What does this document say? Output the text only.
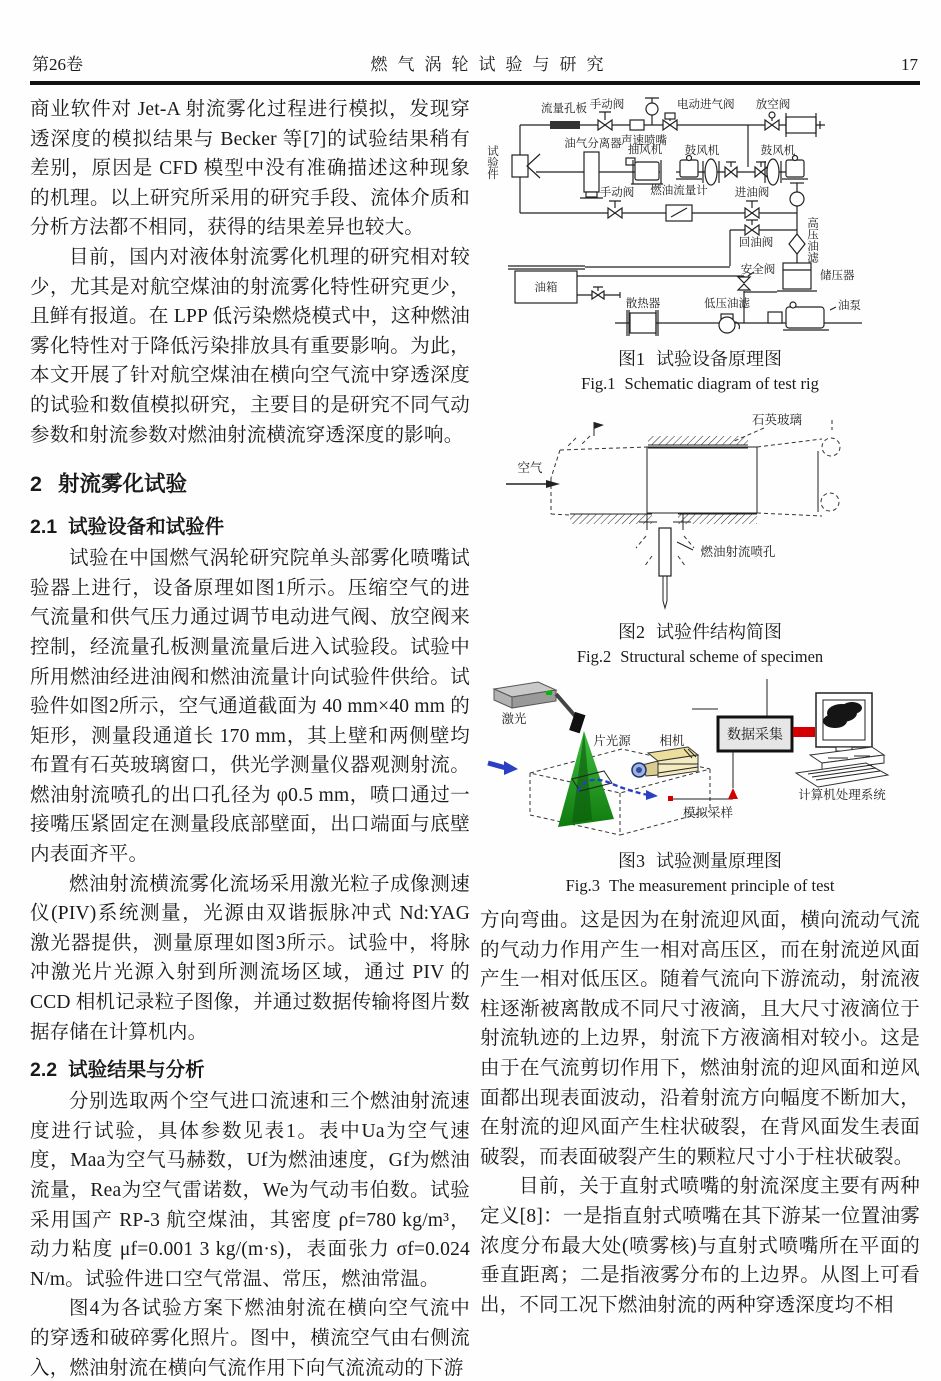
第26卷	燃气涡轮试验与研究	17

商业软件对 Jet-A 射流雾化过程进行模拟，发现穿透深度的模拟结果与 Becker 等[7]的试验结果稍有差别，原因是 CFD 模型中没有准确描述这种现象的机理。以上研究所采用的研究手段、流体介质和分析方法都不相同，获得的结果差异也较大。

目前，国内对液体射流雾化机理的研究相对较少，尤其是对航空煤油的射流雾化特性研究更少，且鲜有报道。在 LPP 低污染燃烧模式中，这种燃油雾化特性对于降低污染排放具有重要影响。为此，本文开展了针对航空煤油在横向空气流中穿透深度的试验和数值模拟研究，主要目的是研究不同气动参数和射流参数对燃油射流横流穿透深度的影响。

2 射流雾化试验
2.1 试验设备和试验件

试验在中国燃气涡轮研究院单头部雾化喷嘴试验器上进行，设备原理如图1所示。压缩空气的进气流量和供气压力通过调节电动进气阀、放空阀来控制，经流量孔板测量流量后进入试验段。试验中所用燃油经进油阀和燃油流量计向试验件供给。试验件如图2所示，空气通道截面为 40 mm×40 mm 的矩形，测量段通道长 170 mm，其上壁和两侧壁均布置有石英玻璃窗口，供光学测量仪器观测射流。燃油射流喷孔的出口孔径为 φ0.5 mm，喷口通过一接嘴压紧固定在测量段底部壁面，出口端面与底壁内表面齐平。

燃油射流横流雾化流场采用激光粒子成像测速仪(PIV)系统测量，光源由双谐振脉冲式 Nd:YAG 激光器提供，测量原理如图3所示。试验中，将脉冲激光片光源入射到所测流场区域，通过 PIV 的 CCD 相机记录粒子图像，并通过数据传输将图片数据存储在计算机内。

2.2 试验结果与分析

分别选取两个空气进口流速和三个燃油射流速度进行试验，具体参数见表1。表中Ua为空气速度，Maa为空气马赫数，Uf为燃油速度，Gf为燃油流量，Rea为空气雷诺数，We为气动韦伯数。试验采用国产 RP-3 航空煤油，其密度 ρf=780 kg/m³，动力粘度 μf=0.001 3 kg/(m·s)，表面张力 σf=0.024 N/m。试验件进口空气常温、常压，燃油常温。

图4为各试验方案下燃油射流在横向空气流中的穿透和破碎雾化照片。图中，横流空气由右侧流入，燃油射流在横向气流作用下向气流流动的下游

试验件
流量孔板 手动阀
声速喷嘴
电动进气阀 放空阀
油气分离器 抽风机 鼓风机	鼓风机
手动阀 燃油流量计 进油阀
回油阀	高压油滤
储压器
安全阀
油箱
散热器	低压油滤	油泵
图1 试验设备原理图
Fig.1 Schematic diagram of test rig
石英玻璃
空气
燃油射流喷孔
图2 试验件结构简图
Fig.2 Structural scheme of specimen
激光
片光源 相机	数据采集
计算机处理系统
模拟采样
图3 试验测量原理图
Fig.3 The measurement principle of test

方向弯曲。这是因为在射流迎风面，横向流动气流的气动力作用产生一相对高压区，而在射流逆风面产生一相对低压区。随着气流向下游流动，射流液柱逐渐被离散成不同尺寸液滴，且大尺寸液滴位于射流轨迹的上边界，射流下方液滴相对较小。这是由于在气流剪切作用下，燃油射流的迎风面和逆风面都出现表面波动，沿着射流方向幅度不断加大，在射流的迎风面产生柱状破裂，在背风面发生表面破裂，而表面破裂产生的颗粒尺寸小于柱状破裂。

目前，关于直射式喷嘴的射流深度主要有两种定义[8]：一是指直射式喷嘴在其下游某一位置油雾浓度分布最大处(喷雾核)与直射式喷嘴所在平面的垂直距离；二是指液雾分布的上边界。从图上可看出，不同工况下燃油射流的两种穿透深度均不相
